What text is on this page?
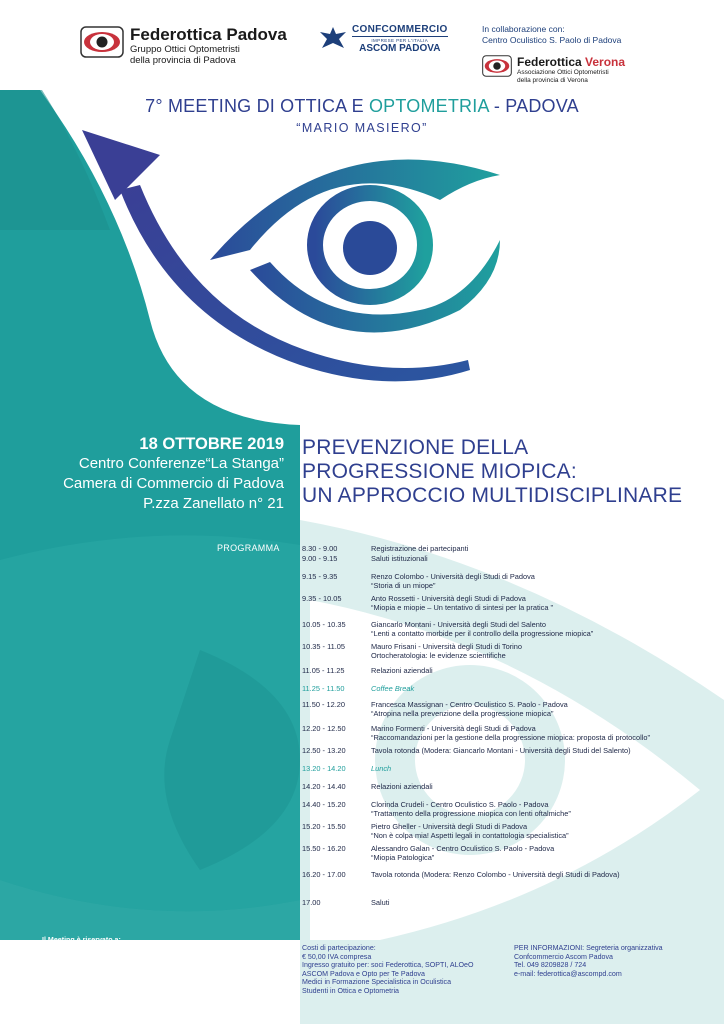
Federottica Padova
Gruppo Ottici Optometristi
della provincia di Padova
CONFCOMMERCIO
IMPRESE PER L'ITALIA
ASCOM PADOVA
In collaborazione con:
Centro Oculistico S. Paolo di Padova
Federottica Verona
Associazione Ottici Optometristi
della provincia di Verona
7° MEETING DI OTTICA E OPTOMETRIA - PADOVA
“MARIO MASIERO”
18 OTTOBRE 2019
Centro Conferenze“La Stanga”
Camera di Commercio di Padova
P.zza Zanellato n° 21
PREVENZIONE DELLA
PROGRESSIONE MIOPICA:
UN APPROCCIO MULTIDISCIPLINARE
PROGRAMMA	8.30 - 9.00	Registrazione dei partecipanti
9.00 - 9.15	Saluti istituzionali
9.15 - 9.35	Renzo Colombo - Università degli Studi di Padova
“Storia di un miope”
9.35 - 10.05	Anto Rossetti - Università degli Studi di Padova
“Miopia e miopie – Un tentativo di sintesi per la pratica ”
10.05 - 10.35	Giancarlo Montani - Università degli Studi del Salento
“Lenti a contatto morbide per il controllo della progressione miopica”
10.35 - 11.05	Mauro Frisani - Università degli Studi di Torino
Ortocheratologia: le evidenze scientifiche
11.05 - 11.25	Relazioni aziendali
11.25 - 11.50	Coffee Break
11.50 - 12.20	Francesca Massignan - Centro Oculistico S. Paolo - Padova
“Atropina nella prevenzione della progressione miopica”
12.20 - 12.50	Marino Formenti - Università degli Studi di Padova
“Raccomandazioni per la gestione della progressione miopica: proposta di protocollo”
12.50 - 13.20	Tavola rotonda (Modera: Giancarlo Montani - Università degli Studi del Salento)
13.20 - 14.20	Lunch
14.20 - 14.40	Relazioni aziendali
14.40 - 15.20	Clorinda Crudeli - Centro Oculistico S. Paolo - Padova
“Trattamento della progressione miopica con lenti oftalmiche”
15.20 - 15.50	Pietro Gheller - Università degli Studi di Padova
“Non è colpa mia! Aspetti legali in contattologia specialistica”
15.50 - 16.20	Alessandro Galan - Centro Oculistico S. Paolo - Padova
“Miopia Patologica”
16.20 - 17.00	Tavola rotonda (Modera: Renzo Colombo - Università degli Studi di Padova)
17.00	Saluti
Il Meeting è riservato a:
Medici Oculisti - Ottici Optometristi - Ortottisti
Studenti in Ottica e optometria
Medici in formazione Specialistica in Oculistica
L'organizzazione si riserva di accettare
le iscrizioni fino al raggiungimento del numero
massimo di posti disponibili
Costi di partecipazione:
€ 50,00 IVA compresa
Ingresso gratuito per: soci Federottica, SOPTI, ALOeO
ASCOM Padova e Opto per Te Padova
Medici in Formazione Specialistica in Oculistica
Studenti in Ottica e Optometria
PER INFORMAZIONI: Segreteria organizzativa
Confcommercio Ascom Padova
Tel. 049 8209828 / 724
e-mail: federottica@ascompd.com
